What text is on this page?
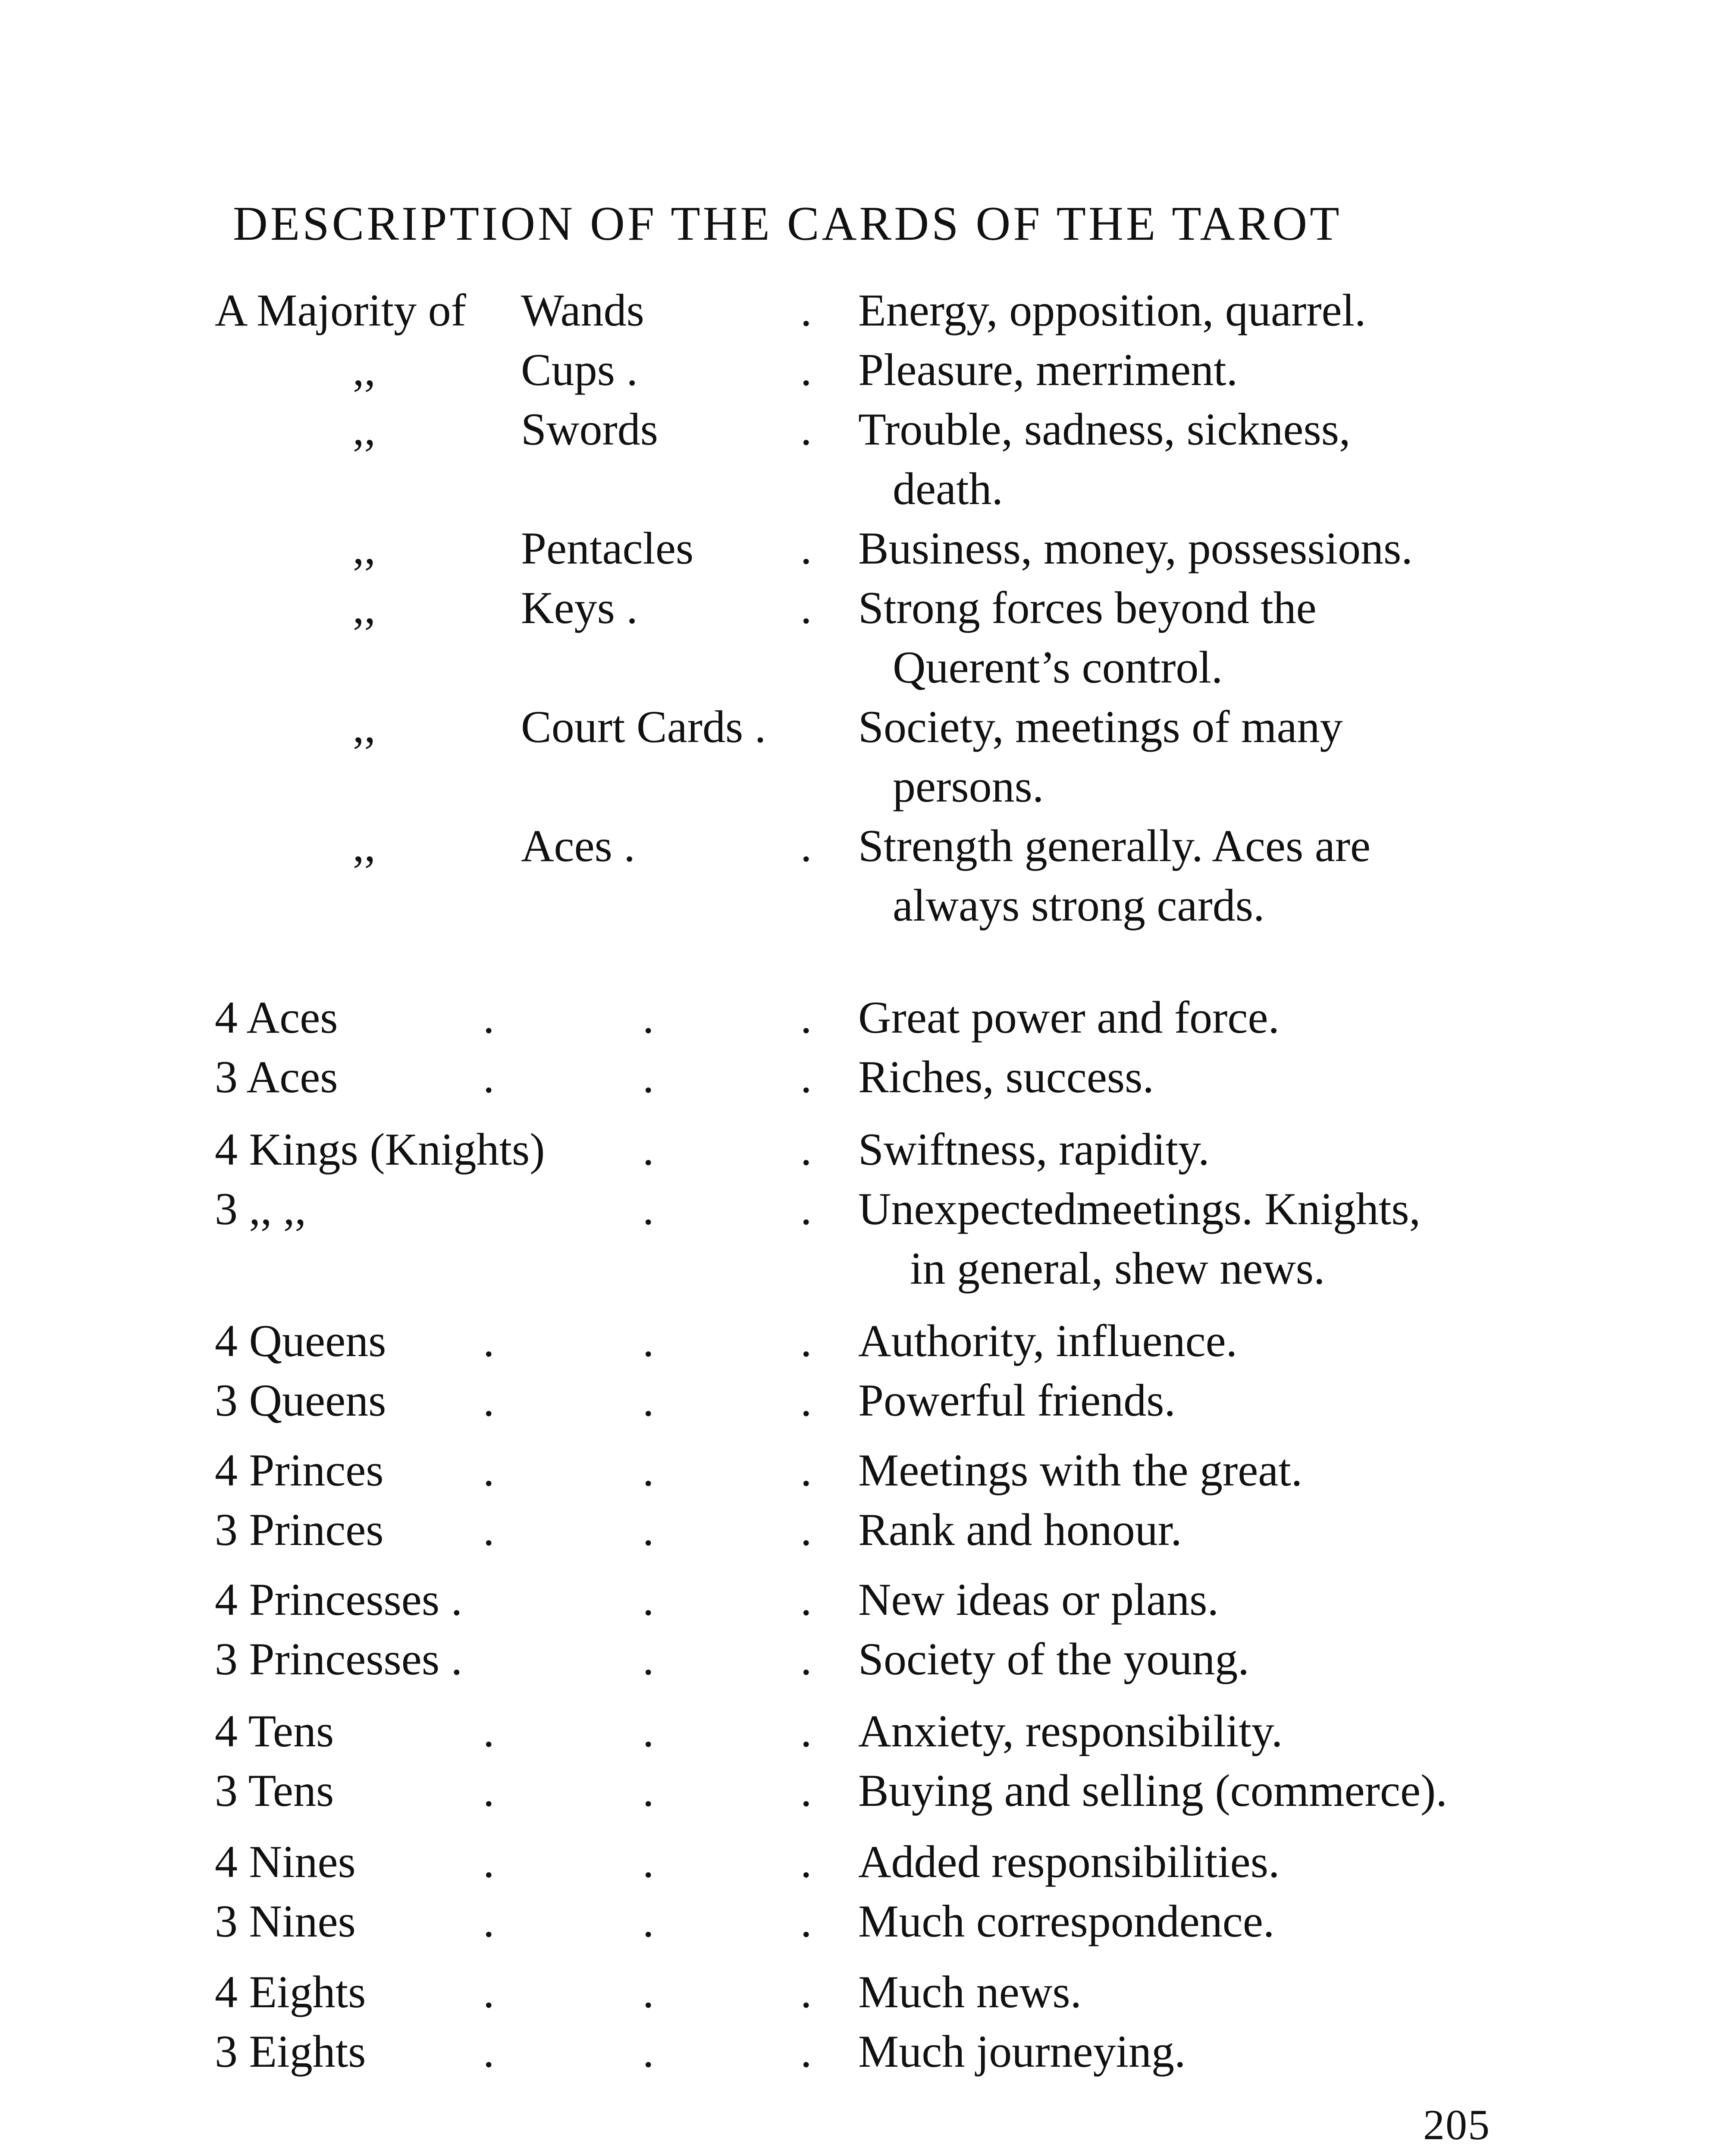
DESCRIPTION OF THE CARDS OF THE TAROT
A Majority of Wands	. Energy, opposition, quarrel.
,,	Cups .	. Pleasure, merriment.
,,	Swords	. Trouble, sadness, sickness,
death.
,,	Pentacles . Business, money, possessions.
,,	Keys .	. Strong forces beyond the
Querent’s control.
,,	Court Cards . Society, meetings of many
persons.
,,	Aces .	. Strength generally. Aces are
always strong cards.
4 Aces	.	.	. Great power and force.
3 Aces	.	.	. Riches, success.
4 Kings (Knights) .	. Swiftness, rapidity.
3 ,, ,,	.	. Unexpectedmeetings. Knights,
in general, shew news.
4 Queens .	.	. Authority, influence.
3 Queens .	.	. Powerful friends.
4 Princes .	.	. Meetings with the great.
3 Princes .	.	. Rank and honour.
4 Princesses .	.	. New ideas or plans.
3 Princesses .	.	. Society of the young.
4 Tens	.	.	. Anxiety, responsibility.
3 Tens	.	.	. Buying and selling (commerce).
4 Nines	.	.	. Added responsibilities.
3 Nines	.	.	. Much correspondence.
4 Eights	.	.	. Much news.
3 Eights	.	.	. Much journeying.
205
